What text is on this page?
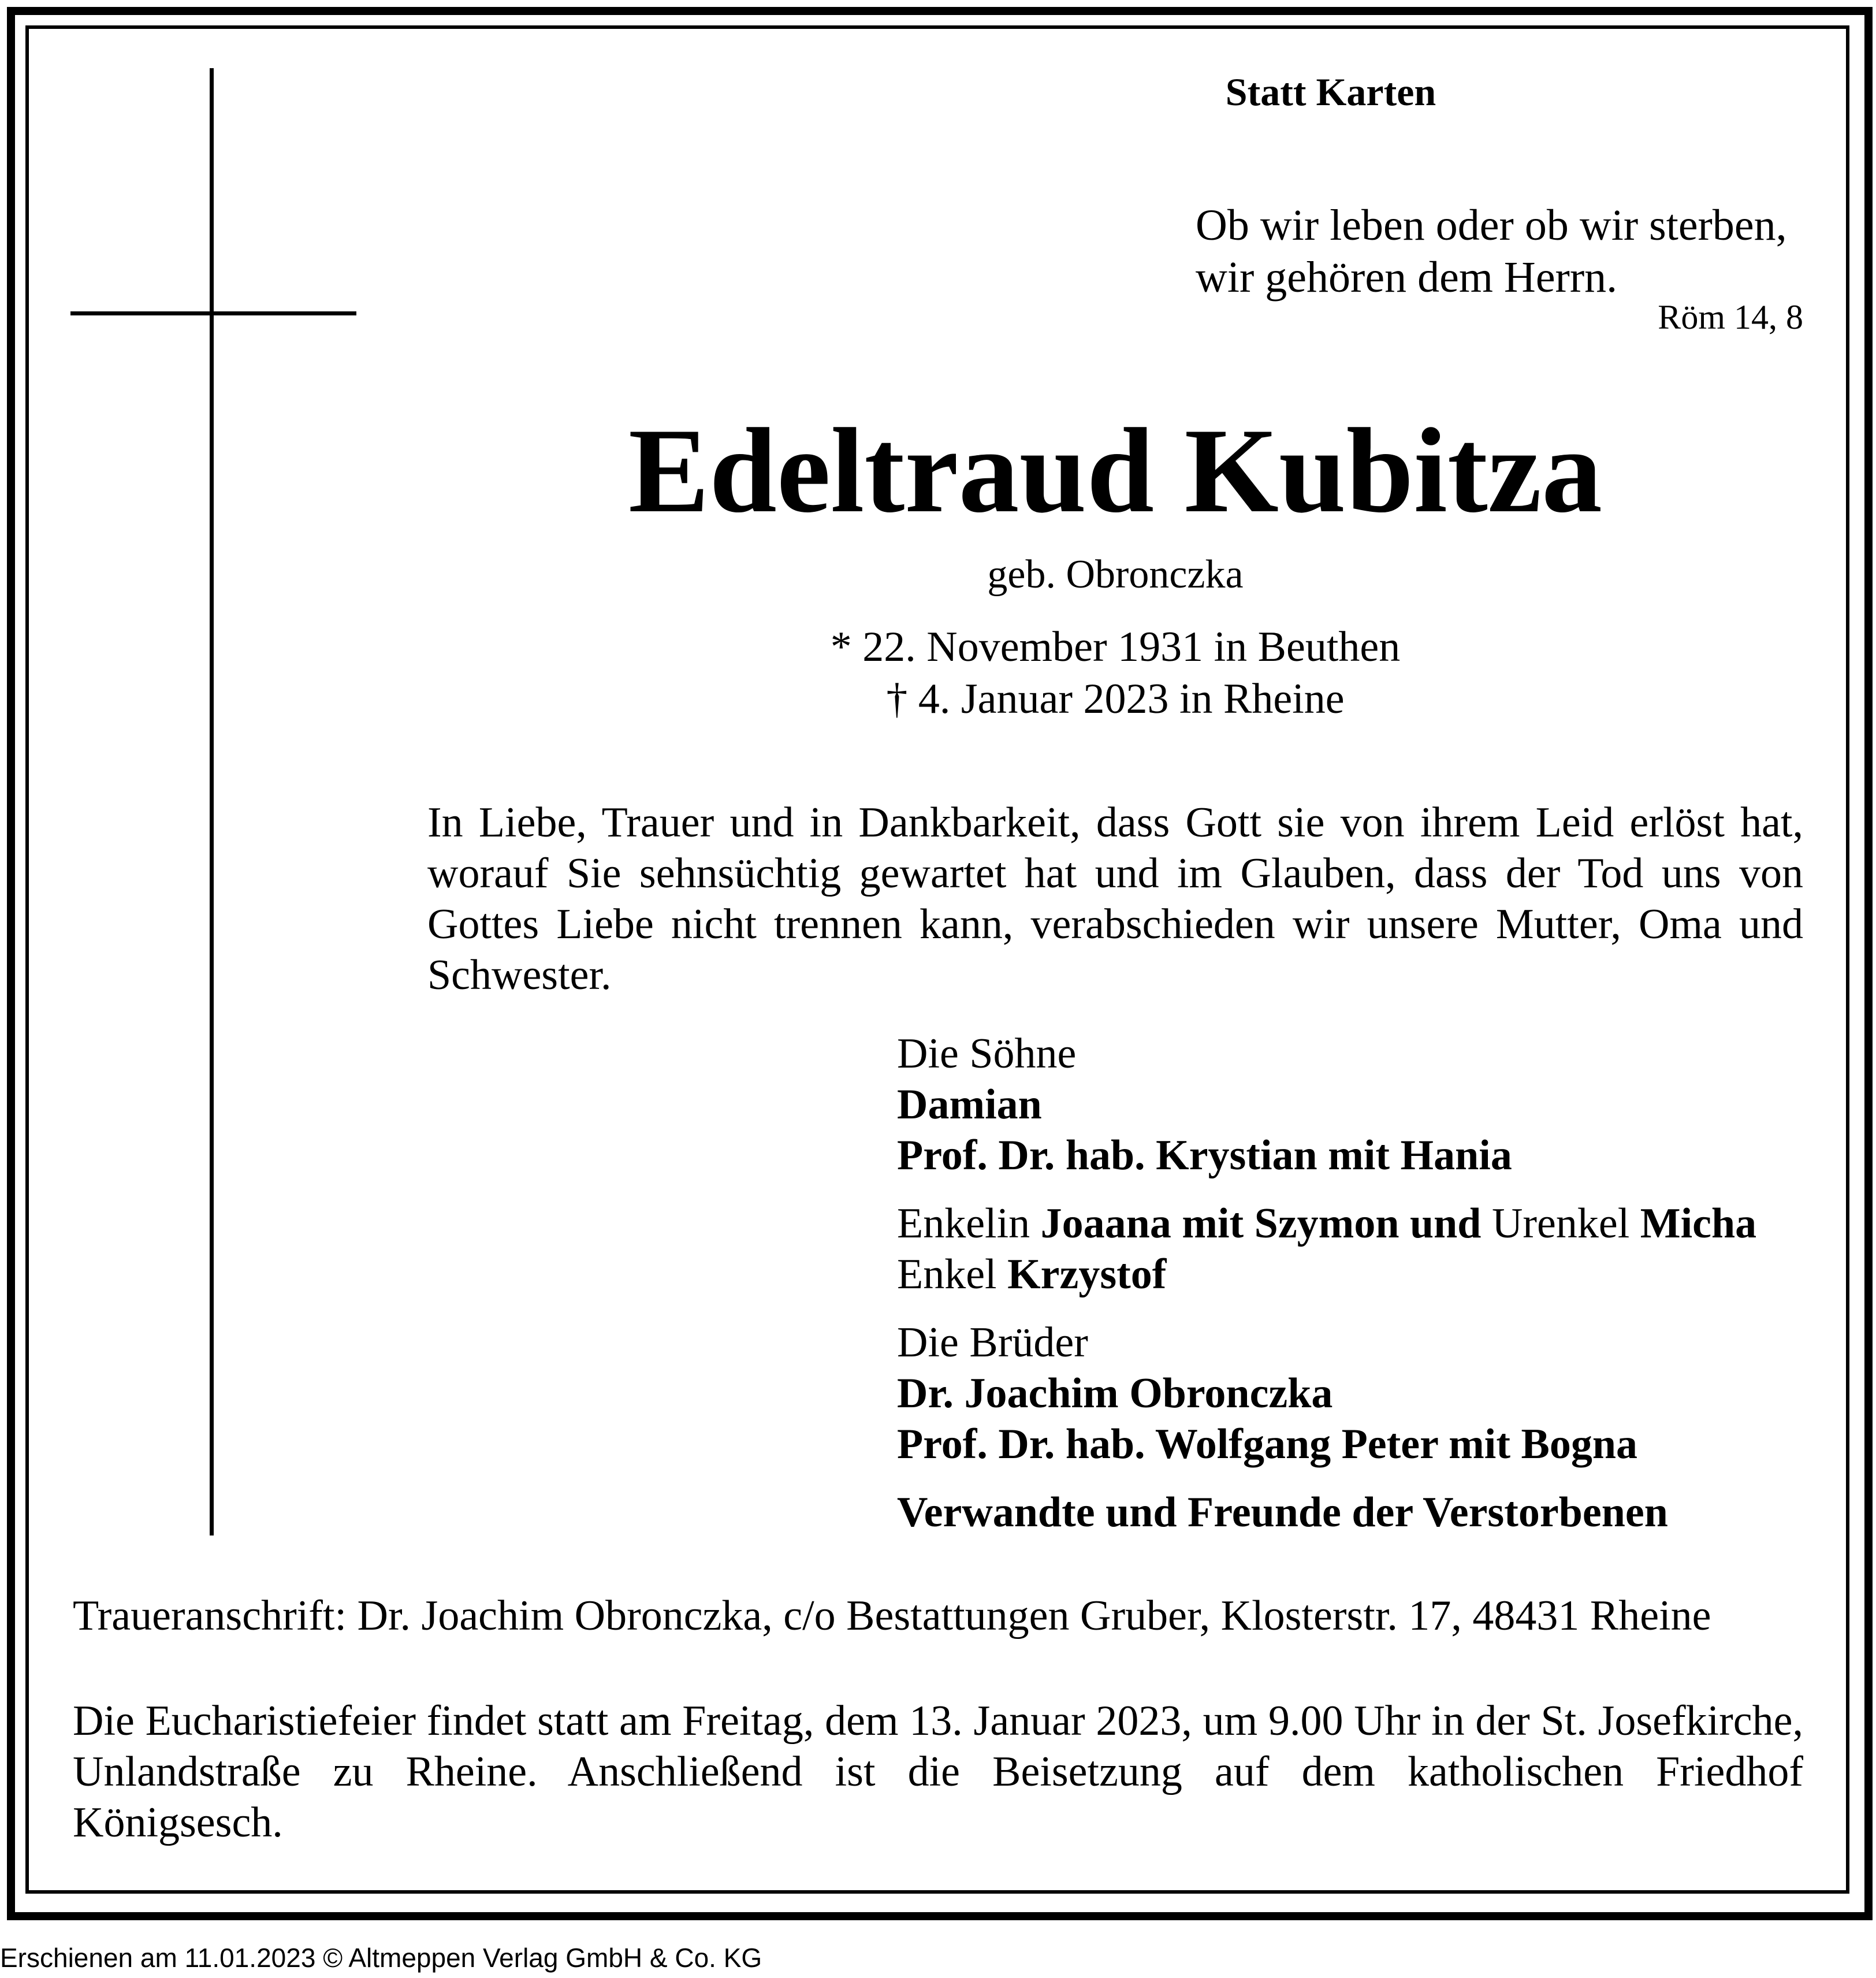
Statt Karten
Ob wir leben oder ob wir sterben,
wir gehören dem Herrn.
Röm 14, 8
Edeltraud Kubitza
geb. Obronczka
* 22. November 1931 in Beuthen
† 4. Januar 2023 in Rheine
In Liebe, Trauer und in Dankbarkeit, dass Gott sie von ihrem Leid erlöst hat, worauf Sie sehnsüchtig gewartet hat und im Glauben, dass der Tod uns von Gottes Liebe nicht trennen kann, verabschieden wir unsere Mutter, Oma und Schwester.
Die Söhne
Damian
Prof. Dr. hab. Krystian mit Hania
Enkelin Joaana mit Szymon und Urenkel Micha
Enkel Krzystof
Die Brüder
Dr. Joachim Obronczka
Prof. Dr. hab. Wolfgang Peter mit Bogna
Verwandte und Freunde der Verstorbenen
Traueranschrift: Dr. Joachim Obronczka, c/o Bestattungen Gruber, Klosterstr. 17, 48431 Rheine
Die Eucharistiefeier findet statt am Freitag, dem 13. Januar 2023, um 9.00 Uhr in der St. Josefkirche, Unlandstraße zu Rheine. Anschließend ist die Beisetzung auf dem katholischen Friedhof Königsesch.
Erschienen am 11.01.2023 © Altmeppen Verlag GmbH & Co. KG
